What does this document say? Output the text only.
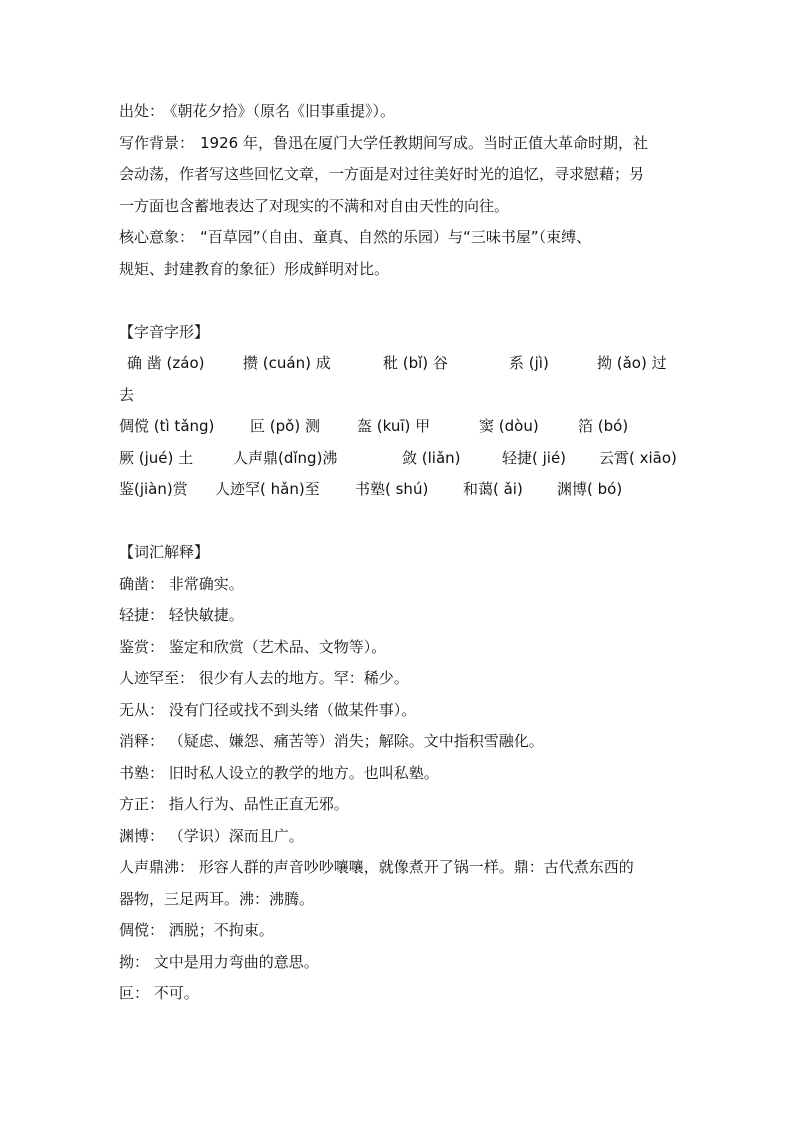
出处： 《朝花夕拾》（原名《旧事重提》）。
写作背景： 1926 年，鲁迅在厦门大学任教期间写成。当时正值大革命时期，社
会动荡，作者写这些回忆文章，一方面是对过往美好时光的追忆，寻求慰藉；另
一方面也含蓄地表达了对现实的不满和对自由天性的向往。
核心意象： “百草园”（自由、童真、自然的乐园）与“三味书屋”（束缚、
规矩、封建教育的象征）形成鲜明对比。
【字音字形】
确 凿 (záo)	攒 (cuán) 成	秕 (bǐ) 谷	系 (jì)	拗 (ǎo) 过
去
倜傥 (tì tǎng) 叵 (pǒ) 测 盔 (kuī) 甲	窦 (dòu)	箔 (bó)
厥 (jué) 土	人声鼎(dǐng)沸	敛 (liǎn)	轻捷( jié) 云霄( xiāo)
鉴(jiàn)赏 人迹罕( hǎn)至 书塾( shú) 和蔼( ǎi) 渊博( bó)
【词汇解释】
确凿： 非常确实。
轻捷： 轻快敏捷。
鉴赏： 鉴定和欣赏（艺术品、文物等）。
人迹罕至： 很少有人去的地方。罕：稀少。
无从： 没有门径或找不到头绪（做某件事）。
消释： （疑虑、嫌怨、痛苦等）消失；解除。文中指积雪融化。
书塾： 旧时私人设立的教学的地方。也叫私塾。
方正： 指人行为、品性正直无邪。
渊博： （学识）深而且广。
人声鼎沸： 形容人群的声音吵吵嚷嚷，就像煮开了锅一样。鼎：古代煮东西的
器物，三足两耳。沸：沸腾。
倜傥： 洒脱；不拘束。
拗： 文中是用力弯曲的意思。
叵： 不可。
